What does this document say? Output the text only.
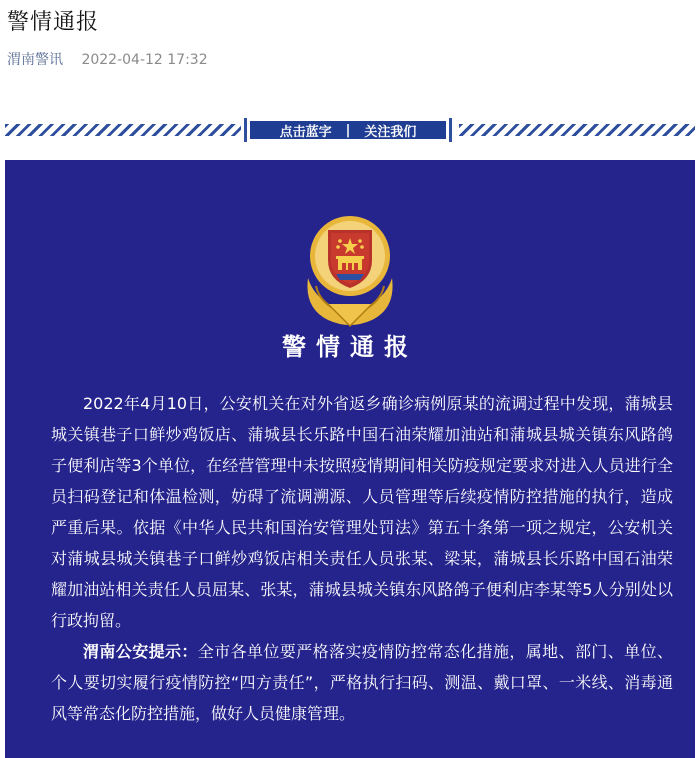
警情通报
渭南警讯 2022-04-12 17:32
点击蓝字 | 关注我们
警情通报

2022年4月10日，公安机关在对外省返乡确诊病例原某的流调过程中发现，蒲城县城关镇巷子口鲜炒鸡饭店、蒲城县长乐路中国石油荣耀加油站和蒲城县城关镇东风路鸽子便利店等3个单位，在经营管理中未按照疫情期间相关防疫规定要求对进入人员进行全员扫码登记和体温检测，妨碍了流调溯源、人员管理等后续疫情防控措施的执行，造成严重后果。依据《中华人民共和国治安管理处罚法》第五十条第一项之规定，公安机关对蒲城县城关镇巷子口鲜炒鸡饭店相关责任人员张某、梁某，蒲城县长乐路中国石油荣耀加油站相关责任人员屈某、张某，蒲城县城关镇东风路鸽子便利店李某等5人分别处以行政拘留。

渭南公安提示：全市各单位要严格落实疫情防控常态化措施，属地、部门、单位、个人要切实履行疫情防控“四方责任”，严格执行扫码、测温、戴口罩、一米线、消毒通风等常态化防控措施，做好人员健康管理。
